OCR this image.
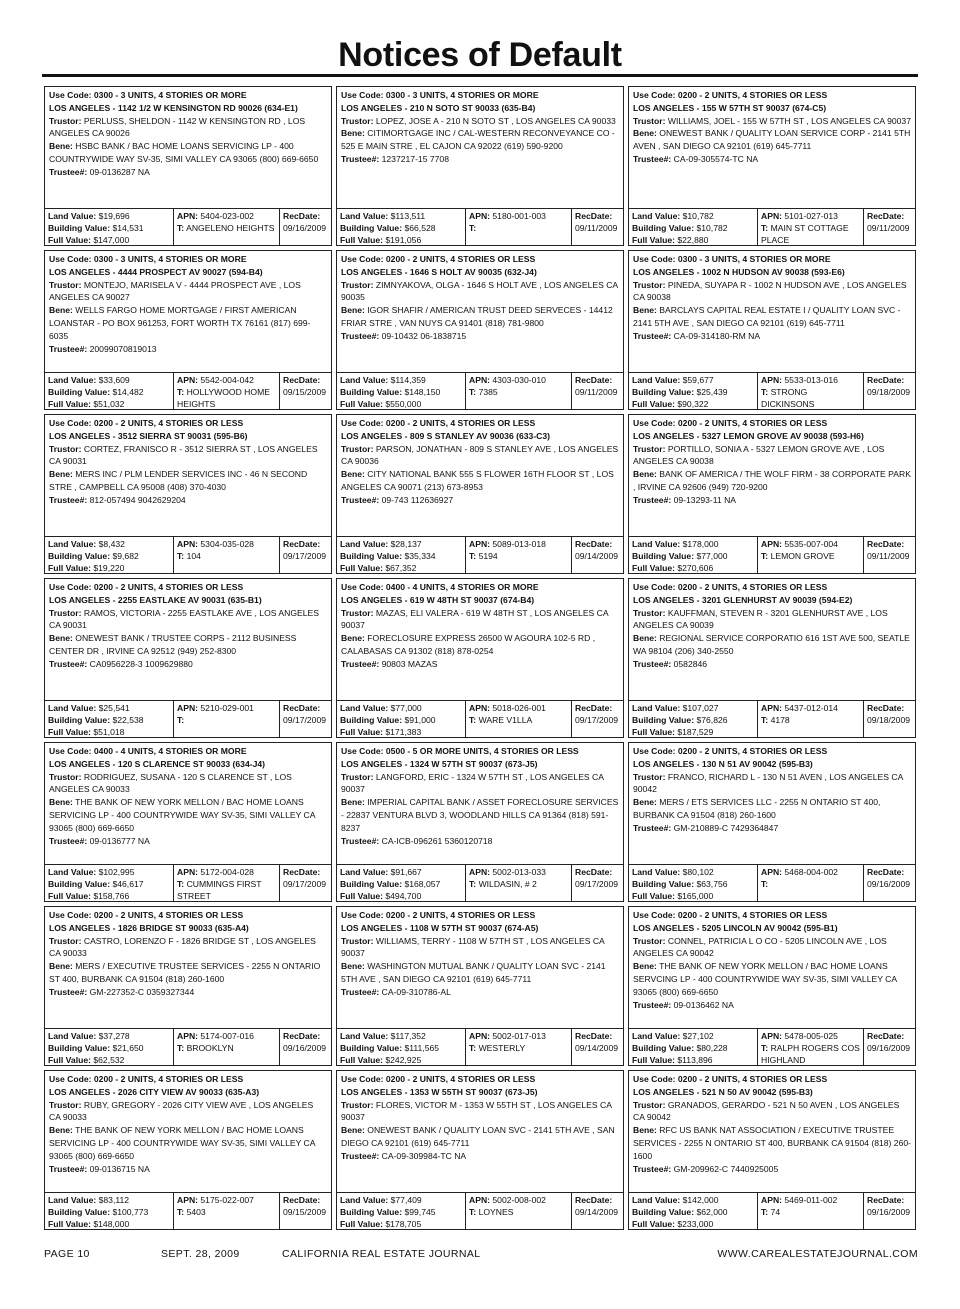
Notices of Default
Use Code: 0300 - 3 UNITS, 4 STORIES OR MORE
LOS ANGELES - 1142 1/2 W KENSINGTON RD 90026 (634-E1)
Trustor: PERLUSS, SHELDON - 1142 W KENSINGTON RD , LOS ANGELES CA 90026
Bene: HSBC BANK / BAC HOME LOANS SERVICING LP - 400 COUNTRYWIDE WAY SV-35, SIMI VALLEY CA 93065 (800) 669-6650
Trustee#: 09-0136287 NA
Land Value: $19,696
Building Value: $14,531
Full Value: $147,000
APN: 5404-023-002
T: ANGELENO HEIGHTS
RecDate:
09/16/2009
Use Code: 0300 - 3 UNITS, 4 STORIES OR MORE
LOS ANGELES - 210 N SOTO ST 90033 (635-B4)
Trustor: LOPEZ, JOSE A - 210 N SOTO ST , LOS ANGELES CA 90033
Bene: CITIMORTGAGE INC / CAL-WESTERN RECONVEYANCE CO - 525 E MAIN STRE , EL CAJON CA 92022 (619) 590-9200
Trustee#: 1237217-15 7708
Land Value: $113,511
Building Value: $66,528
Full Value: $191,056
APN: 5180-001-003
T:
RecDate:
09/11/2009
Use Code: 0200 - 2 UNITS, 4 STORIES OR LESS
LOS ANGELES - 155 W 57TH ST 90037 (674-C5)
Trustor: WILLIAMS, JOEL - 155 W 57TH ST , LOS ANGELES CA 90037
Bene: ONEWEST BANK / QUALITY LOAN SERVICE CORP - 2141 5TH AVEN , SAN DIEGO CA 92101 (619) 645-7711
Trustee#: CA-09-305574-TC NA
Land Value: $10,782
Building Value: $10,782
Full Value: $22,880
APN: 5101-027-013
T: MAIN ST COTTAGE PLACE
RecDate:
09/11/2009
Use Code: 0300 - 3 UNITS, 4 STORIES OR MORE
LOS ANGELES - 4444 PROSPECT AV 90027 (594-B4)
Trustor: MONTEJO, MARISELA V - 4444 PROSPECT AVE , LOS ANGELES CA 90027
Bene: WELLS FARGO HOME MORTGAGE / FIRST AMERICAN LOANSTAR - PO BOX 961253, FORT WORTH TX 76161 (817) 699-6035
Trustee#: 20099070819013
Land Value: $33,609
Building Value: $14,482
Full Value: $51,032
APN: 5542-004-042
T: HOLLYWOOD HOME HEIGHTS
RecDate:
09/15/2009
Use Code: 0200 - 2 UNITS, 4 STORIES OR LESS
LOS ANGELES - 1646 S HOLT AV 90035 (632-J4)
Trustor: ZIMNYAKOVA, OLGA - 1646 S HOLT AVE , LOS ANGELES CA 90035
Bene: IGOR SHAFIR / AMERICAN TRUST DEED SERVECES - 14412 FRIAR STRE , VAN NUYS CA 91401 (818) 781-9800
Trustee#: 09-10432 06-1838715
Land Value: $114,359
Building Value: $148,150
Full Value: $550,000
APN: 4303-030-010
T: 7385
RecDate:
09/11/2009
Use Code: 0300 - 3 UNITS, 4 STORIES OR MORE
LOS ANGELES - 1002 N HUDSON AV 90038 (593-E6)
Trustor: PINEDA, SUYAPA R - 1002 N HUDSON AVE , LOS ANGELES CA 90038
Bene: BARCLAYS CAPITAL REAL ESTATE I / QUALITY LOAN SVC - 2141 5TH AVE , SAN DIEGO CA 92101 (619) 645-7711
Trustee#: CA-09-314180-RM NA
Land Value: $59,677
Building Value: $25,439
Full Value: $90,322
APN: 5533-013-016
T: STRONG DICKINSONS
RecDate:
09/18/2009
Use Code: 0200 - 2 UNITS, 4 STORIES OR LESS
LOS ANGELES - 3512 SIERRA ST 90031 (595-B6)
Trustor: CORTEZ, FRANISCO R - 3512 SIERRA ST , LOS ANGELES CA 90031
Bene: MERS INC / PLM LENDER SERVICES INC - 46 N SECOND STRE , CAMPBELL CA 95008 (408) 370-4030
Trustee#: 812-057494 9042629204
Land Value: $8,432
Building Value: $9,682
Full Value: $19,220
APN: 5304-035-028
T: 104
RecDate:
09/17/2009
Use Code: 0200 - 2 UNITS, 4 STORIES OR LESS
LOS ANGELES - 809 S STANLEY AV 90036 (633-C3)
Trustor: PARSON, JONATHAN - 809 S STANLEY AVE , LOS ANGELES CA 90036
Bene: CITY NATIONAL BANK 555 S FLOWER 16TH FLOOR ST , LOS ANGELES CA 90071 (213) 673-8953
Trustee#: 09-743 112636927
Land Value: $28,137
Building Value: $35,334
Full Value: $67,352
APN: 5089-013-018
T: 5194
RecDate:
09/14/2009
Use Code: 0200 - 2 UNITS, 4 STORIES OR LESS
LOS ANGELES - 5327 LEMON GROVE AV 90038 (593-H6)
Trustor: PORTILLO, SONIA A - 5327 LEMON GROVE AVE , LOS ANGELES CA 90038
Bene: BANK OF AMERICA / THE WOLF FIRM - 38 CORPORATE PARK , IRVINE CA 92606 (949) 720-9200
Trustee#: 09-13293-11 NA
Land Value: $178,000
Building Value: $77,000
Full Value: $270,606
APN: 5535-007-004
T: LEMON GROVE
RecDate:
09/11/2009
Use Code: 0200 - 2 UNITS, 4 STORIES OR LESS
LOS ANGELES - 2255 EASTLAKE AV 90031 (635-B1)
Trustor: RAMOS, VICTORIA - 2255 EASTLAKE AVE , LOS ANGELES CA 90031
Bene: ONEWEST BANK / TRUSTEE CORPS - 2112 BUSINESS CENTER DR , IRVINE CA 92512 (949) 252-8300
Trustee#: CA0956228-3 1009629880
Land Value: $25,541
Building Value: $22,538
Full Value: $51,018
APN: 5210-029-001
T:
RecDate:
09/17/2009
Use Code: 0400 - 4 UNITS, 4 STORIES OR MORE
LOS ANGELES - 619 W 48TH ST 90037 (674-B4)
Trustor: MAZAS, ELI VALERA - 619 W 48TH ST , LOS ANGELES CA 90037
Bene: FORECLOSURE EXPRESS 26500 W AGOURA 102-5 RD , CALABASAS CA 91302 (818) 878-0254
Trustee#: 90803 MAZAS
Land Value: $77,000
Building Value: $91,000
Full Value: $171,383
APN: 5018-026-001
T: WARE V1LLA
RecDate:
09/17/2009
Use Code: 0200 - 2 UNITS, 4 STORIES OR LESS
LOS ANGELES - 3201 GLENHURST AV 90039 (594-E2)
Trustor: KAUFFMAN, STEVEN R - 3201 GLENHURST AVE , LOS ANGELES CA 90039
Bene: REGIONAL SERVICE CORPORATIO 616 1ST AVE 500, SEATLE WA 98104 (206) 340-2550
Trustee#: 0582846
Land Value: $107,027
Building Value: $76,826
Full Value: $187,529
APN: 5437-012-014
T: 4178
RecDate:
09/18/2009
Use Code: 0400 - 4 UNITS, 4 STORIES OR MORE
LOS ANGELES - 120 S CLARENCE ST 90033 (634-J4)
Trustor: RODRIGUEZ, SUSANA - 120 S CLARENCE ST , LOS ANGELES CA 90033
Bene: THE BANK OF NEW YORK MELLON / BAC HOME LOANS SERVICING LP - 400 COUNTRYWIDE WAY SV-35, SIMI VALLEY CA 93065 (800) 669-6650
Trustee#: 09-0136777 NA
Land Value: $102,995
Building Value: $46,617
Full Value: $158,766
APN: 5172-004-028
T: CUMMINGS FIRST STREET
RecDate:
09/17/2009
Use Code: 0500 - 5 OR MORE UNITS, 4 STORIES OR LESS
LOS ANGELES - 1324 W 57TH ST 90037 (673-J5)
Trustor: LANGFORD, ERIC - 1324 W 57TH ST , LOS ANGELES CA 90037
Bene: IMPERIAL CAPITAL BANK / ASSET FORECLOSURE SERVICES - 22837 VENTURA BLVD 3, WOODLAND HILLS CA 91364 (818) 591-8237
Trustee#: CA-ICB-096261 5360120718
Land Value: $91,667
Building Value: $168,057
Full Value: $494,700
APN: 5002-013-033
T: WILDASIN, # 2
RecDate:
09/17/2009
Use Code: 0200 - 2 UNITS, 4 STORIES OR LESS
LOS ANGELES - 130 N 51 AV 90042 (595-B3)
Trustor: FRANCO, RICHARD L - 130 N 51 AVEN , LOS ANGELES CA 90042
Bene: MERS / ETS SERVICES LLC - 2255 N ONTARIO ST 400, BURBANK CA 91504 (818) 260-1600
Trustee#: GM-210889-C 7429364847
Land Value: $80,102
Building Value: $63,756
Full Value: $165,000
APN: 5468-004-002
T:
RecDate:
09/16/2009
Use Code: 0200 - 2 UNITS, 4 STORIES OR LESS
LOS ANGELES - 1826 BRIDGE ST 90033 (635-A4)
Trustor: CASTRO, LORENZO F - 1826 BRIDGE ST , LOS ANGELES CA 90033
Bene: MERS / EXECUTIVE TRUSTEE SERVICES - 2255 N ONTARIO ST 400, BURBANK CA 91504 (818) 260-1600
Trustee#: GM-227352-C 0359327344
Land Value: $37,278
Building Value: $21,650
Full Value: $62,532
APN: 5174-007-016
T: BROOKLYN
RecDate:
09/16/2009
Use Code: 0200 - 2 UNITS, 4 STORIES OR LESS
LOS ANGELES - 1108 W 57TH ST 90037 (674-A5)
Trustor: WILLIAMS, TERRY - 1108 W 57TH ST , LOS ANGELES CA 90037
Bene: WASHINGTON MUTUAL BANK / QUALITY LOAN SVC - 2141 5TH AVE , SAN DIEGO CA 92101 (619) 645-7711
Trustee#: CA-09-310786-AL
Land Value: $117,352
Building Value: $111,565
Full Value: $242,925
APN: 5002-017-013
T: WESTERLY
RecDate:
09/14/2009
Use Code: 0200 - 2 UNITS, 4 STORIES OR LESS
LOS ANGELES - 5205 LINCOLN AV 90042 (595-B1)
Trustor: CONNEL, PATRICIA L O CO - 5205 LINCOLN AVE , LOS ANGELES CA 90042
Bene: THE BANK OF NEW YORK MELLON / BAC HOME LOANS SERVCING LP - 400 COUNTRYWIDE WAY SV-35, SIMI VALLEY CA 93065 (800) 669-6650
Trustee#: 09-0136462 NA
Land Value: $27,102
Building Value: $80,228
Full Value: $113,896
APN: 5478-005-025
T: RALPH ROGERS COS HIGHLAND
RecDate:
09/16/2009
Use Code: 0200 - 2 UNITS, 4 STORIES OR LESS
LOS ANGELES - 2026 CITY VIEW AV 90033 (635-A3)
Trustor: RUBY, GREGORY - 2026 CITY VIEW AVE , LOS ANGELES CA 90033
Bene: THE BANK OF NEW YORK MELLON / BAC HOME LOANS SERVICING LP - 400 COUNTRYWIDE WAY SV-35, SIMI VALLEY CA 93065 (800) 669-6650
Trustee#: 09-0136715 NA
Land Value: $83,112
Building Value: $100,773
Full Value: $148,000
APN: 5175-022-007
T: 5403
RecDate:
09/15/2009
Use Code: 0200 - 2 UNITS, 4 STORIES OR LESS
LOS ANGELES - 1353 W 55TH ST 90037 (673-J5)
Trustor: FLORES, VICTOR M - 1353 W 55TH ST , LOS ANGELES CA 90037
Bene: ONEWEST BANK / QUALITY LOAN SVC - 2141 5TH AVE , SAN DIEGO CA 92101 (619) 645-7711
Trustee#: CA-09-309984-TC NA
Land Value: $77,409
Building Value: $99,745
Full Value: $178,705
APN: 5002-008-002
T: LOYNES
RecDate:
09/14/2009
Use Code: 0200 - 2 UNITS, 4 STORIES OR LESS
LOS ANGELES - 521 N 50 AV 90042 (595-B3)
Trustor: GRANADOS, GERARDO - 521 N 50 AVEN , LOS ANGELES CA 90042
Bene: RFC US BANK NAT ASSOCIATION / EXECUTIVE TRUSTEE SERVICES - 2255 N ONTARIO ST 400, BURBANK CA 91504 (818) 260-1600
Trustee#: GM-209962-C 7440925005
Land Value: $142,000
Building Value: $62,000
Full Value: $233,000
APN: 5469-011-002
T: 74
RecDate:
09/16/2009
PAGE 10	SEPT. 28, 2009	CALIFORNIA REAL ESTATE JOURNAL	WWW.CAREALESTATEJOURNAL.COM
